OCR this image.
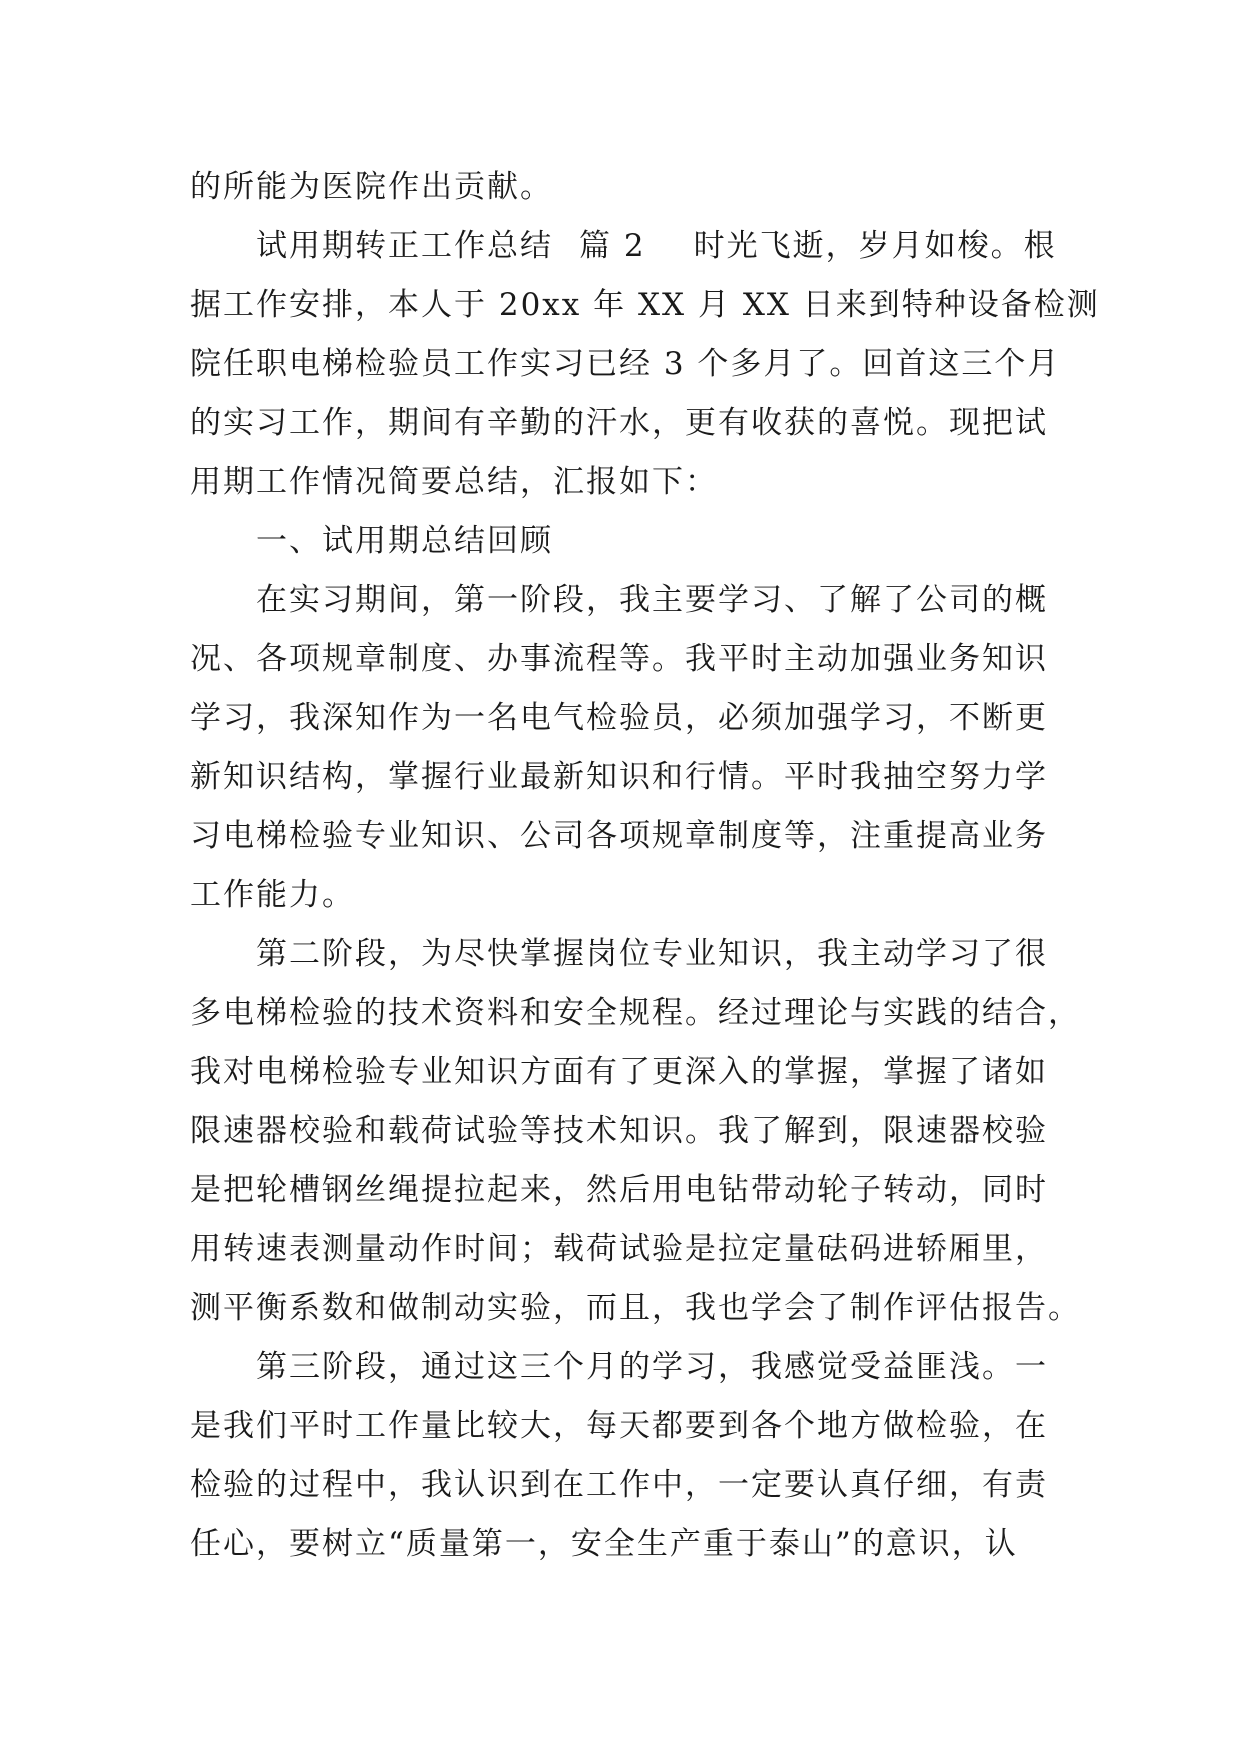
的所能为医院作出贡献。
试用期转正工作总结 篇 2 时光飞逝，岁月如梭。根
据工作安排，本人于 20xx 年 XX 月 XX 日来到特种设备检测
院任职电梯检验员工作实习已经 3 个多月了。回首这三个月
的实习工作，期间有辛勤的汗水，更有收获的喜悦。现把试
用期工作情况简要总结，汇报如下：
一、试用期总结回顾
在实习期间，第一阶段，我主要学习、了解了公司的概
况、各项规章制度、办事流程等。我平时主动加强业务知识
学习，我深知作为一名电气检验员，必须加强学习，不断更
新知识结构，掌握行业最新知识和行情。平时我抽空努力学
习电梯检验专业知识、公司各项规章制度等，注重提高业务
工作能力。
第二阶段，为尽快掌握岗位专业知识，我主动学习了很
多电梯检验的技术资料和安全规程。经过理论与实践的结合，
我对电梯检验专业知识方面有了更深入的掌握，掌握了诸如
限速器校验和载荷试验等技术知识。我了解到，限速器校验
是把轮槽钢丝绳提拉起来，然后用电钻带动轮子转动，同时
用转速表测量动作时间；载荷试验是拉定量砝码进轿厢里，
测平衡系数和做制动实验，而且，我也学会了制作评估报告。
第三阶段，通过这三个月的学习，我感觉受益匪浅。一
是我们平时工作量比较大，每天都要到各个地方做检验，在
检验的过程中，我认识到在工作中，一定要认真仔细，有责
任心，要树立“质量第一，安全生产重于泰山”的意识，认
